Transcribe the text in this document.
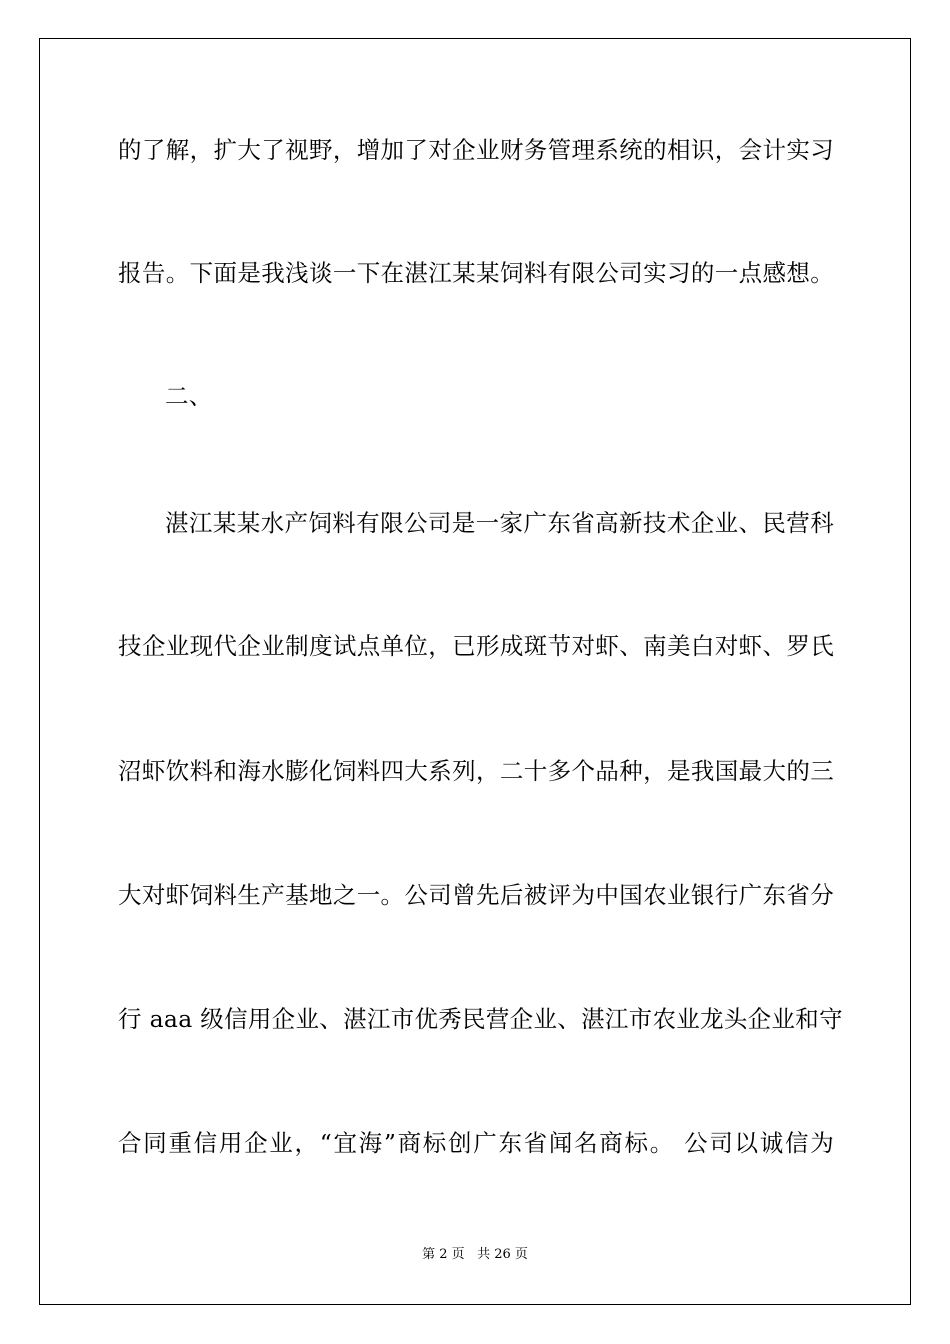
的了解，扩大了视野，增加了对企业财务管理系统的相识，会计实习
报告。下面是我浅谈一下在湛江某某饲料有限公司实习的一点感想。
二、
湛江某某水产饲料有限公司是一家广东省高新技术企业、民营科
技企业现代企业制度试点单位，已形成斑节对虾、南美白对虾、罗氏
沼虾饮料和海水膨化饲料四大系列，二十多个品种，是我国最大的三
大对虾饲料生产基地之一。公司曾先后被评为中国农业银行广东省分
行 aaa 级信用企业、湛江市优秀民营企业、湛江市农业龙头企业和守
合同重信用企业，“宜海”商标创广东省闻名商标。 公司以诚信为
第 2 页 共 26 页
